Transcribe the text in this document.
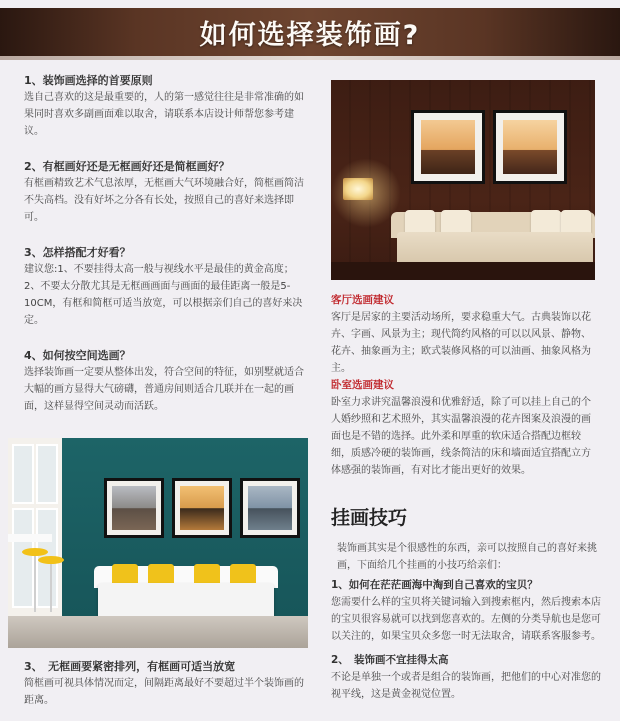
如何选择装饰画?
1、装饰画选择的首要原则
选自己喜欢的这是最重要的，人的第一感觉往往是非常准确的如果同时喜欢多副画面难以取舍，请联系本店设计师帮您参考建议。
2、有框画好还是无框画好还是简框画好？
有框画精致艺术气息浓厚，无框画大气环境融合好，简框画简洁不失高档。没有好坏之分各有长处，按照自己的喜好来选择即可。
3、怎样搭配才好看？
建议您:1、不要挂得太高一般与视线水平是最佳的黄金高度；2、不要太分散尤其是无框画画面与画面的最佳距离一般是5-10CM，有框和简框可适当放宽，可以根据亲们自己的喜好来决定。
4、如何按空间选画？
选择装饰画一定要从整体出发，符合空间的特征，如别墅就适合大幅的画方显得大气磅礴，普通房间则适合几联并在一起的画面，这样显得空间灵动而活跃。
客厅选画建议
客厅是居家的主要活动场所，要求稳重大气。古典装饰以花卉、字画、风景为主；现代简约风格的可以以风景、静物、花卉、抽象画为主；欧式装修风格的可以油画、抽象风格为主。
卧室选画建议
卧室力求讲究温馨浪漫和优雅舒适，除了可以挂上自己的个人婚纱照和艺术照外，其实温馨浪漫的花卉图案及浪漫的画面也是不错的选择。此外柔和厚重的软床适合搭配边框较细，质感冷硬的装饰画，线条简洁的床和墙面适宜搭配立方体感强的装饰画，有对比才能出更好的效果。
挂画技巧
装饰画其实是个很感性的东西，亲可以按照自己的喜好来挑画，下面给几个挂画的小技巧给亲们：
1、如何在茫茫画海中淘到自己喜欢的宝贝？
您需要什么样的宝贝将关键词输入到搜索框内，然后搜索本店的宝贝很容易就可以找到您喜欢的。左侧的分类导航也是您可以关注的，如果宝贝众多您一时无法取舍，请联系客服参考。
2、　装饰画不宜挂得太高
不论是单独一个或者是组合的装饰画，把他们的中心对准您的视平线，这是黄金视觉位置。
3、　无框画要紧密排列，有框画可适当放宽
简框画可视具体情况而定，间隔距离最好不要超过半个装饰画的距离。
